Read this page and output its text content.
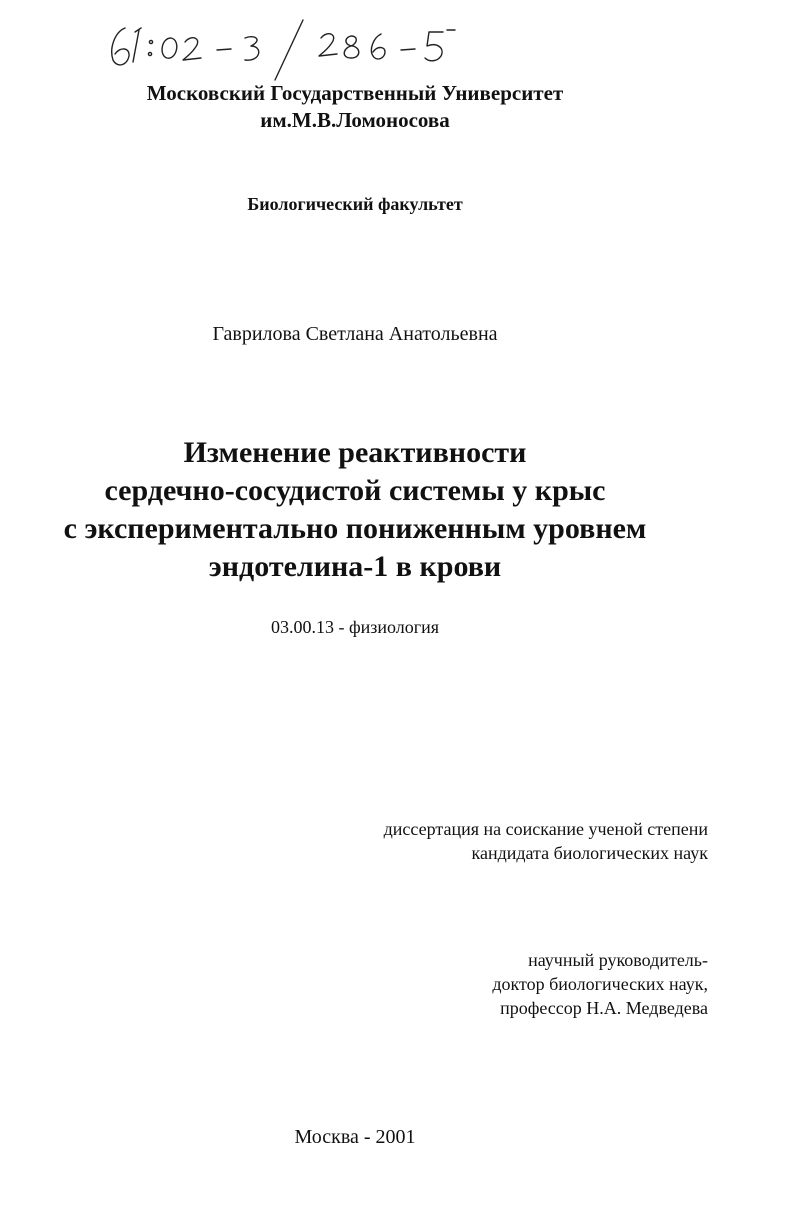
Московский Государственный Университет
им.М.В.Ломоносова
Биологический факультет
Гаврилова Светлана Анатольевна
Изменение реактивности
сердечно-сосудистой системы у крыс
с экспериментально пониженным уровнем
эндотелина-1 в крови
03.00.13 - физиология
диссертация на соискание ученой степени
кандидата биологических наук
научный руководитель-
доктор биологических наук,
профессор Н.А. Медведева
Москва - 2001
